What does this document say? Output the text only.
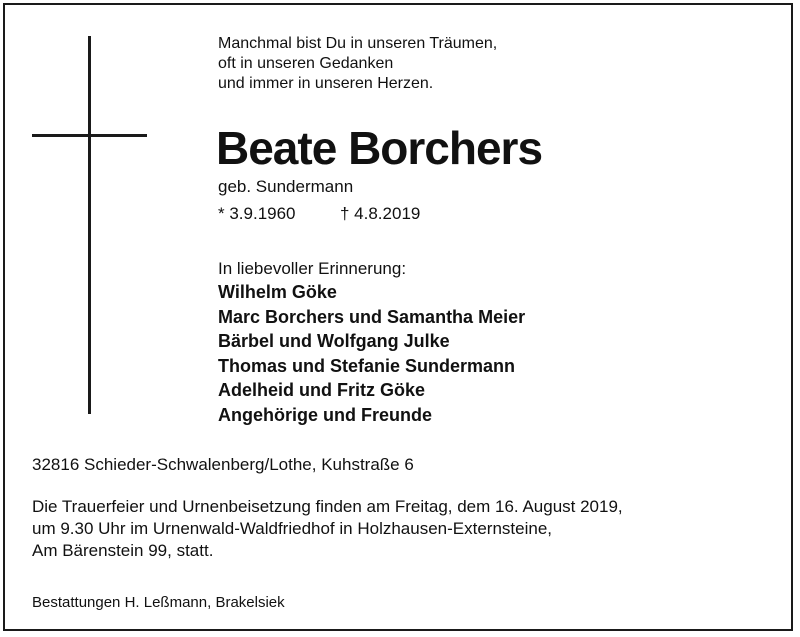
Manchmal bist Du in unseren Träumen,
oft in unseren Gedanken
und immer in unseren Herzen.
Beate Borchers
geb. Sundermann
* 3.9.1960	† 4.8.2019
In liebevoller Erinnerung:
Wilhelm Göke
Marc Borchers und Samantha Meier
Bärbel und Wolfgang Julke
Thomas und Stefanie Sundermann
Adelheid und Fritz Göke
Angehörige und Freunde
32816 Schieder-Schwalenberg/Lothe, Kuhstraße 6
Die Trauerfeier und Urnenbeisetzung finden am Freitag, dem 16. August 2019,
um 9.30 Uhr im Urnenwald-Waldfriedhof in Holzhausen-Externsteine,
Am Bärenstein 99, statt.
Bestattungen H. Leßmann, Brakelsiek
